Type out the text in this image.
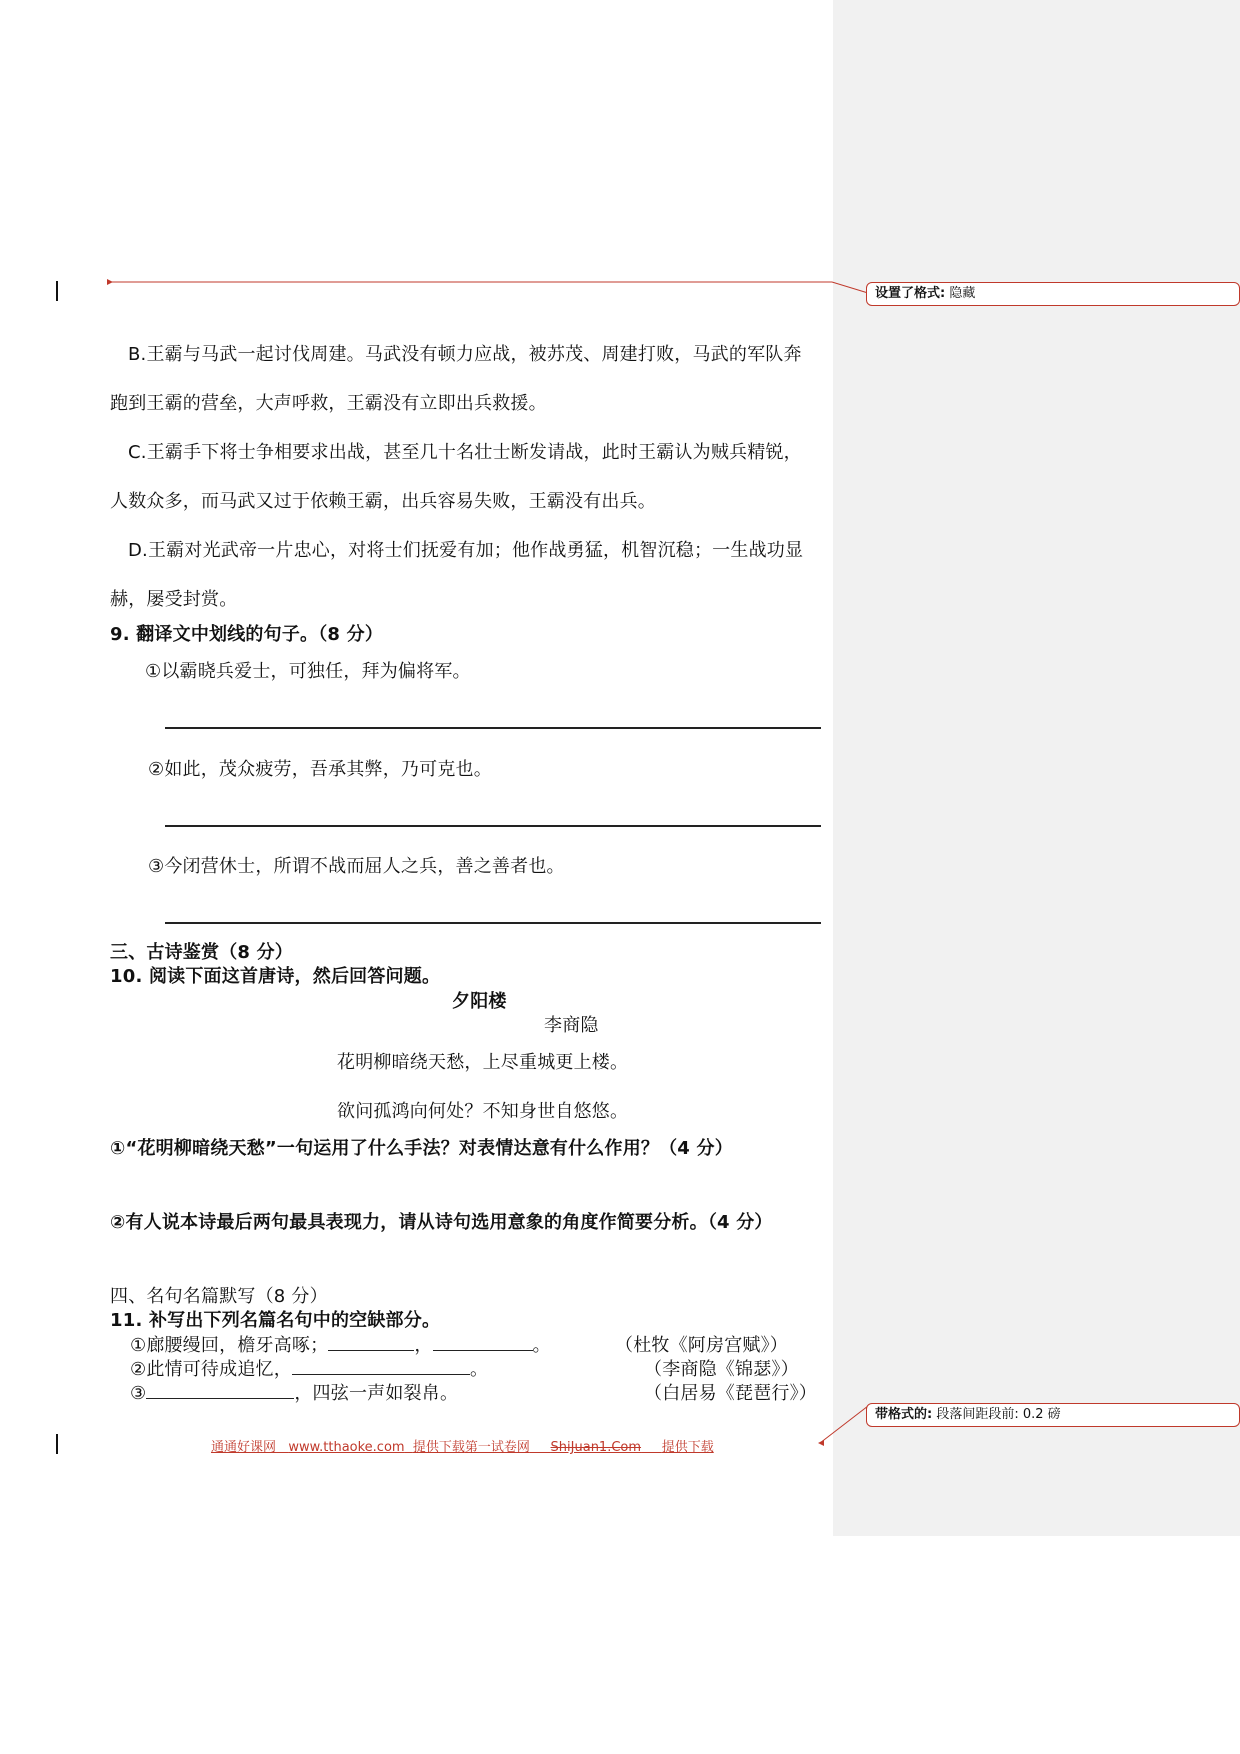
设置了格式: 隐藏
带格式的: 段落间距段前: 0.2 磅
B.王霸与马武一起讨伐周建。马武没有顿力应战，被苏茂、周建打败，马武的军队奔
跑到王霸的营垒，大声呼救，王霸没有立即出兵救援。
C.王霸手下将士争相要求出战，甚至几十名壮士断发请战，此时王霸认为贼兵精锐，
人数众多，而马武又过于依赖王霸，出兵容易失败，王霸没有出兵。
D.王霸对光武帝一片忠心，对将士们抚爱有加；他作战勇猛，机智沉稳；一生战功显
赫，屡受封赏。
9. 翻译文中划线的句子。（8 分）
①以霸晓兵爱士，可独任，拜为偏将军。
②如此，茂众疲劳，吾承其弊，乃可克也。
③今闭营休士，所谓不战而屈人之兵，善之善者也。
三、古诗鉴赏（8 分）
10. 阅读下面这首唐诗，然后回答问题。
夕阳楼
李商隐
花明柳暗绕天愁，上尽重城更上楼。
欲问孤鸿向何处？不知身世自悠悠。
①“花明柳暗绕天愁”一句运用了什么手法？对表情达意有什么作用？（4 分）
②有人说本诗最后两句最具表现力，请从诗句选用意象的角度作简要分析。（4 分）
四、名句名篇默写（8 分）
11. 补写出下列名篇名句中的空缺部分。
①廊腰缦回，檐牙高啄；	，	。	（杜牧《阿房宫赋》）
②此情可待成追忆，	。	（李商隐《锦瑟》）
③	，四弦一声如裂帛。	（白居易《琵琶行》）
通通好课网 www.tthaoke.com 提供下载第一试卷网 ShiJuan1.Com 提供下载
